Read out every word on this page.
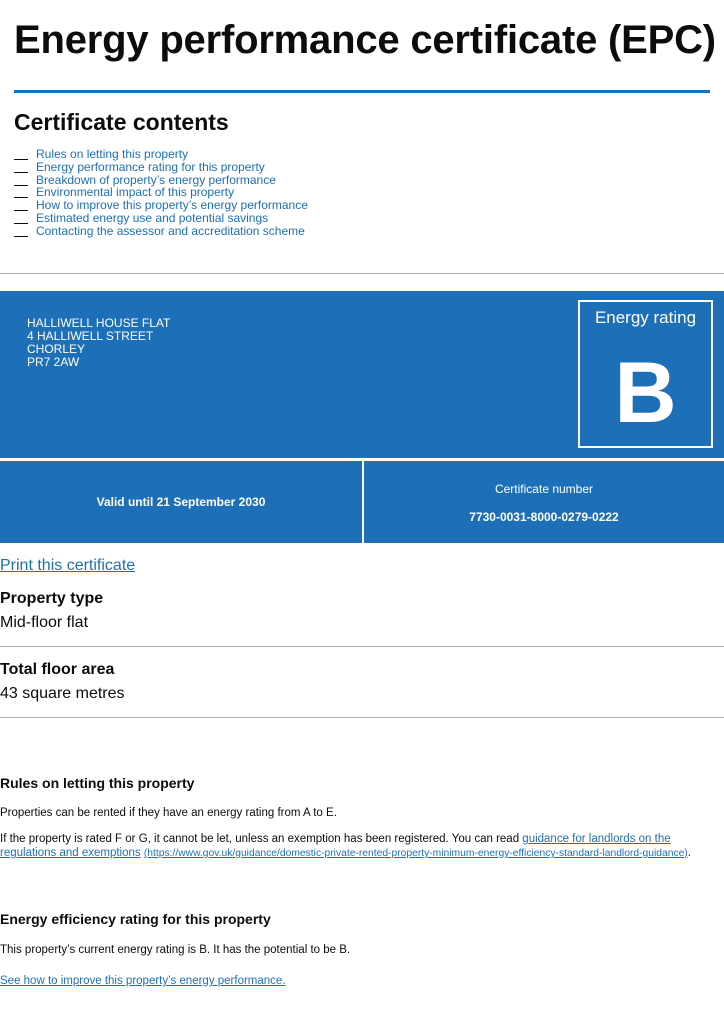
Energy performance certificate (EPC)
Certificate contents
Rules on letting this property
Energy performance rating for this property
Breakdown of property’s energy performance
Environmental impact of this property
How to improve this property’s energy performance
Estimated energy use and potential savings
Contacting the assessor and accreditation scheme
HALLIWELL HOUSE FLAT
4 HALLIWELL STREET
CHORLEY
PR7 2AW
Energy rating
B
Valid until 21 September 2030
Certificate number
7730-0031-8000-0279-0222
Print this certificate

Property type

Mid-floor flat

Total floor area

43 square metres

Rules on letting this property

Properties can be rented if they have an energy rating from A to E.

If the property is rated F or G, it cannot be let, unless an exemption has been registered. You can read guidance for landlords on the regulations and exemptions (https://www.gov.uk/guidance/domestic-private-rented-property-minimum-energy-efficiency-standard-landlord-guidance).

Energy efficiency rating for this property

This property’s current energy rating is B. It has the potential to be B.

See how to improve this property’s energy performance.
